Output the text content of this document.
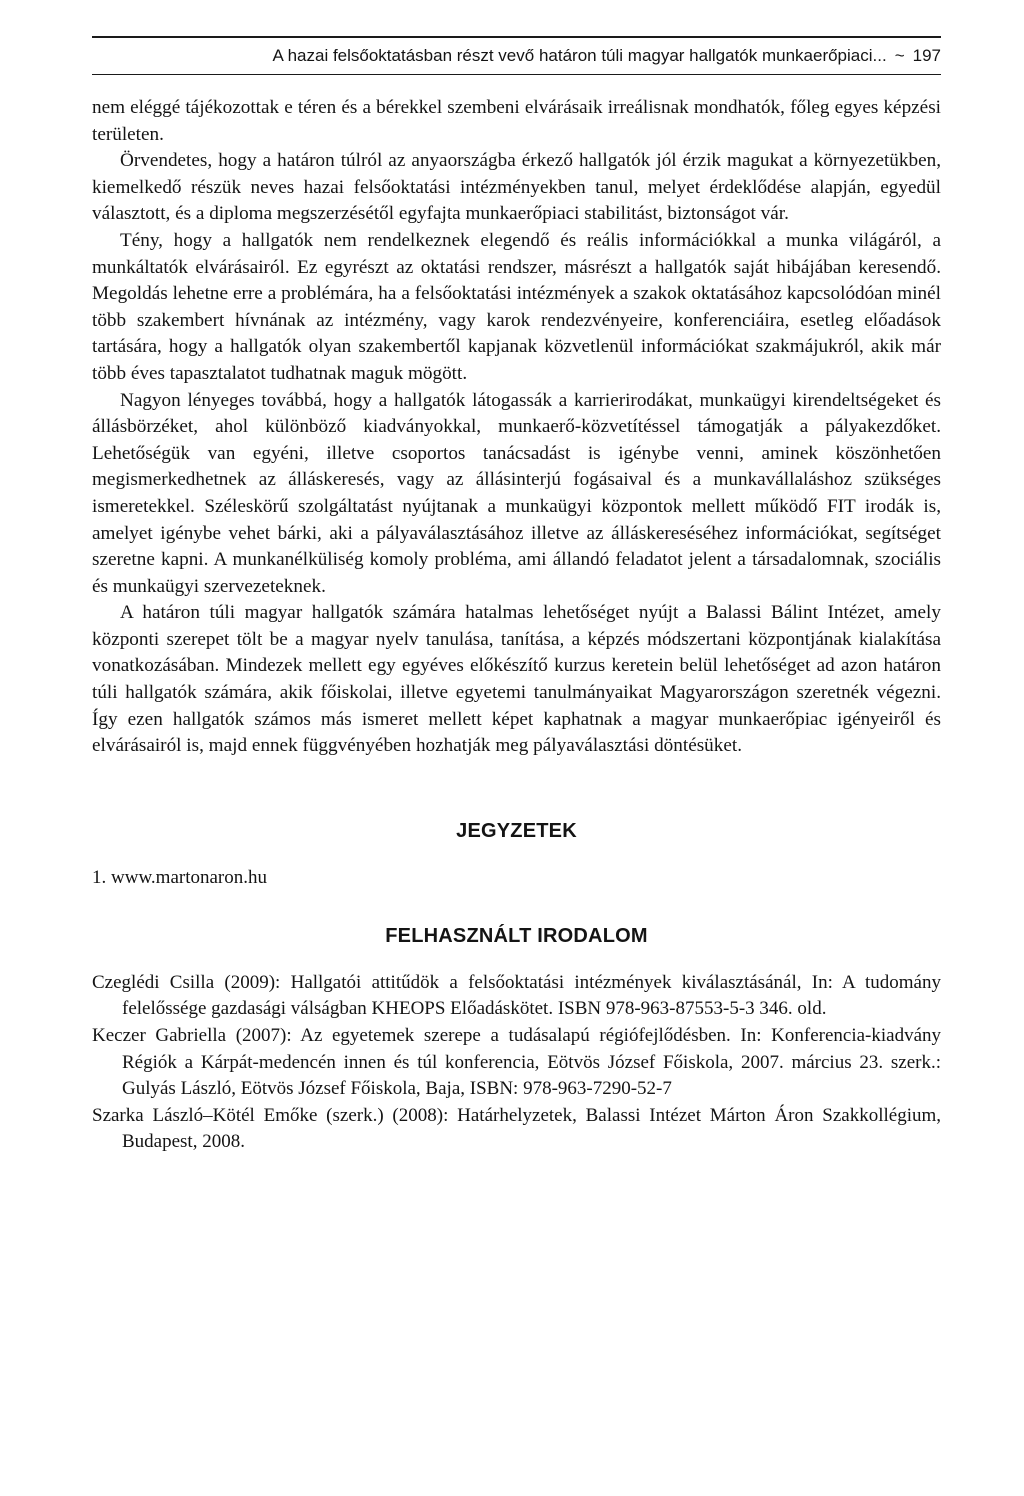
A hazai felsőoktatásban részt vevő határon túli magyar hallgatók munkaerőpiaci... ~ 197

nem eléggé tájékozottak e téren és a bérekkel szembeni elvárásaik irreálisnak mondhatók, főleg egyes képzési területen.

Örvendetes, hogy a határon túlról az anyaországba érkező hallgatók jól érzik magukat a környezetükben, kiemelkedő részük neves hazai felsőoktatási intézményekben tanul, melyet érdeklődése alapján, egyedül választott, és a diploma megszerzésétől egyfajta munkaerőpiaci stabilitást, biztonságot vár.

Tény, hogy a hallgatók nem rendelkeznek elegendő és reális információkkal a munka világáról, a munkáltatók elvárásairól. Ez egyrészt az oktatási rendszer, másrészt a hallgatók saját hibájában keresendő. Megoldás lehetne erre a problémára, ha a felsőoktatási intézmények a szakok oktatásához kapcsolódóan minél több szakembert hívnának az intézmény, vagy karok rendezvényeire, konferenciáira, esetleg előadások tartására, hogy a hallgatók olyan szakembertől kapjanak közvetlenül információkat szakmájukról, akik már több éves tapasztalatot tudhatnak maguk mögött.

Nagyon lényeges továbbá, hogy a hallgatók látogassák a karrierirodákat, munkaügyi kirendeltségeket és állásbörzéket, ahol különböző kiadványokkal, munkaerő-közvetítéssel támogatják a pályakezdőket. Lehetőségük van egyéni, illetve csoportos tanácsadást is igénybe venni, aminek köszönhetően megismerkedhetnek az álláskeresés, vagy az állásinterjú fogásaival és a munkavállaláshoz szükséges ismeretekkel. Széleskörű szolgáltatást nyújtanak a munkaügyi központok mellett működő FIT irodák is, amelyet igénybe vehet bárki, aki a pályaválasztásához illetve az álláskereséséhez információkat, segítséget szeretne kapni. A munkanélküliség komoly probléma, ami állandó feladatot jelent a társadalomnak, szociális és munkaügyi szervezeteknek.

A határon túli magyar hallgatók számára hatalmas lehetőséget nyújt a Balassi Bálint Intézet, amely központi szerepet tölt be a magyar nyelv tanulása, tanítása, a képzés módszertani központjának kialakítása vonatkozásában. Mindezek mellett egy egyéves előkészítő kurzus keretein belül lehetőséget ad azon határon túli hallgatók számára, akik főiskolai, illetve egyetemi tanulmányaikat Magyarországon szeretnék végezni. Így ezen hallgatók számos más ismeret mellett képet kaphatnak a magyar munkaerőpiac igényeiről és elvárásairól is, majd ennek függvényében hozhatják meg pályaválasztási döntésüket.

JEGYZETEK
1. www.martonaron.hu
FELHASZNÁLT IRODALOM

Czeglédi Csilla (2009): Hallgatói attitűdök a felsőoktatási intézmények kiválasztásánál, In: A tudomány felelőssége gazdasági válságban KHEOPS Előadáskötet. ISBN 978-963-87553-5-3 346. old.

Keczer Gabriella (2007): Az egyetemek szerepe a tudásalapú régiófejlődésben. In: Konferencia-kiadvány Régiók a Kárpát-medencén innen és túl konferencia, Eötvös József Főiskola, 2007. március 23. szerk.: Gulyás László, Eötvös József Főiskola, Baja, ISBN: 978-963-7290-52-7

Szarka László–Kötél Emőke (szerk.) (2008): Határhelyzetek, Balassi Intézet Márton Áron Szakkollégium, Budapest, 2008.
